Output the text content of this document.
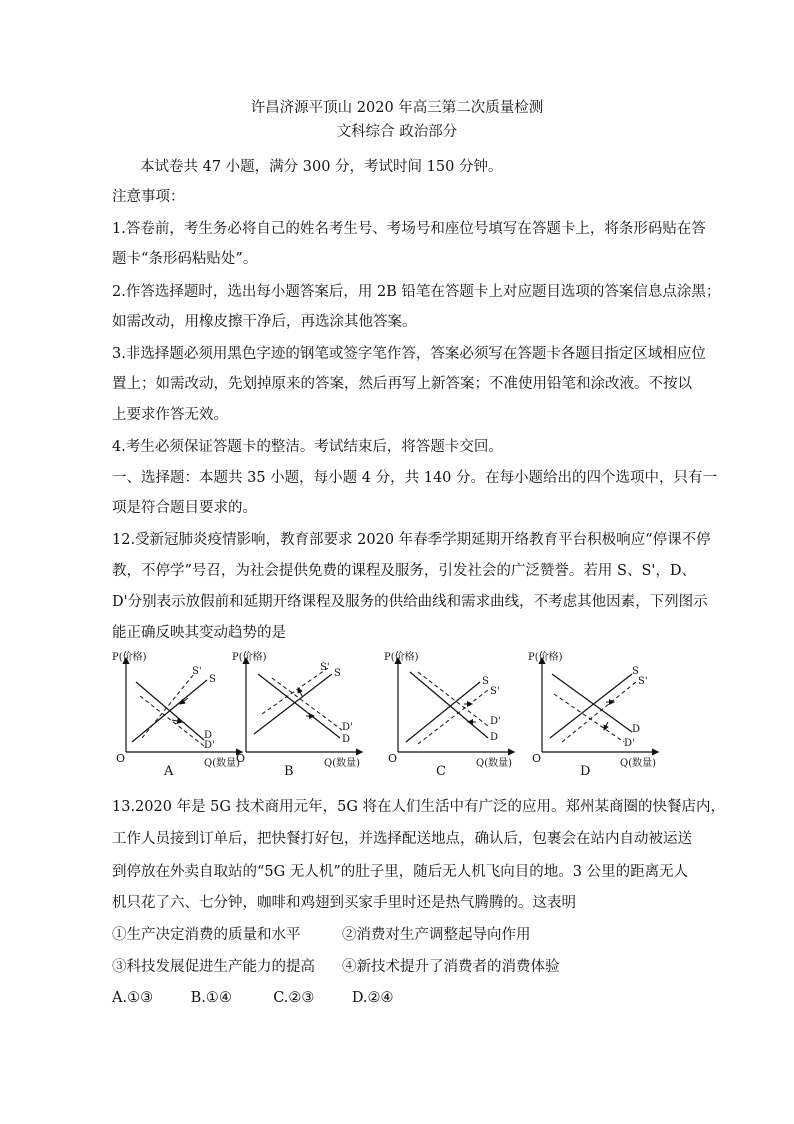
许昌济源平顶山 2020 年高三第二次质量检测
文科综合 政治部分
本试卷共 47 小题，满分 300 分，考试时间 150 分钟。
注意事项：
1.答卷前，考生务必将自己的姓名考生号、考场号和座位号填写在答题卡上，将条形码贴在答
题卡“条形码粘贴处”。
2.作答选择题时，选出每小题答案后，用 2B 铅笔在答题卡上对应题目选项的答案信息点涂黑；
如需改动，用橡皮擦干净后，再选涂其他答案。
3.非选择题必须用黑色字迹的钢笔或签字笔作答，答案必须写在答题卡各题目指定区域相应位
置上；如需改动，先划掉原来的答案，然后再写上新答案；不准使用铅笔和涂改液。不按以
上要求作答无效。
4.考生必须保证答题卡的整洁。考试结束后，将答题卡交回。
一、选择题：本题共 35 小题，每小题 4 分，共 140 分。在每小题给出的四个选项中，只有一
项是符合题目要求的。
12.受新冠肺炎疫情影响，教育部要求 2020 年春季学期延期开络教育平台积极响应“停课不停
教，不停学”号召，为社会提供免费的课程及服务，引发社会的广泛赞誉。若用 S、S'，D、
D'分别表示放假前和延期开络课程及服务的供给曲线和需求曲线，不考虑其他因素，下列图示
能正确反映其变动趋势的是
P(价格)
O	Q(数量)
S'
S
D
D'
A
P(价格)
O	Q(数量)
S'
S
D'
D
B
P(价格)
O	Q(数量)
S
S'
D'
D
C
P(价格)
O	Q(数量)
S
S'
D
D'
D
13.2020 年是 5G 技术商用元年，5G 将在人们生活中有广泛的应用。郑州某商圈的快餐店内，
工作人员接到订单后，把快餐打好包，并选择配送地点，确认后，包裹会在站内自动被运送
到停放在外卖自取站的“5G 无人机”的肚子里，随后无人机飞向目的地。3 公里的距离无人
机只花了六、七分钟，咖啡和鸡翅到买家手里时还是热气腾腾的。这表明
①生产决定消费的质量和水平	②消费对生产调整起导向作用
③科技发展促进生产能力的提高 ④新技术提升了消费者的消费体验
A.①③	B.①④	C.②③	D.②④
